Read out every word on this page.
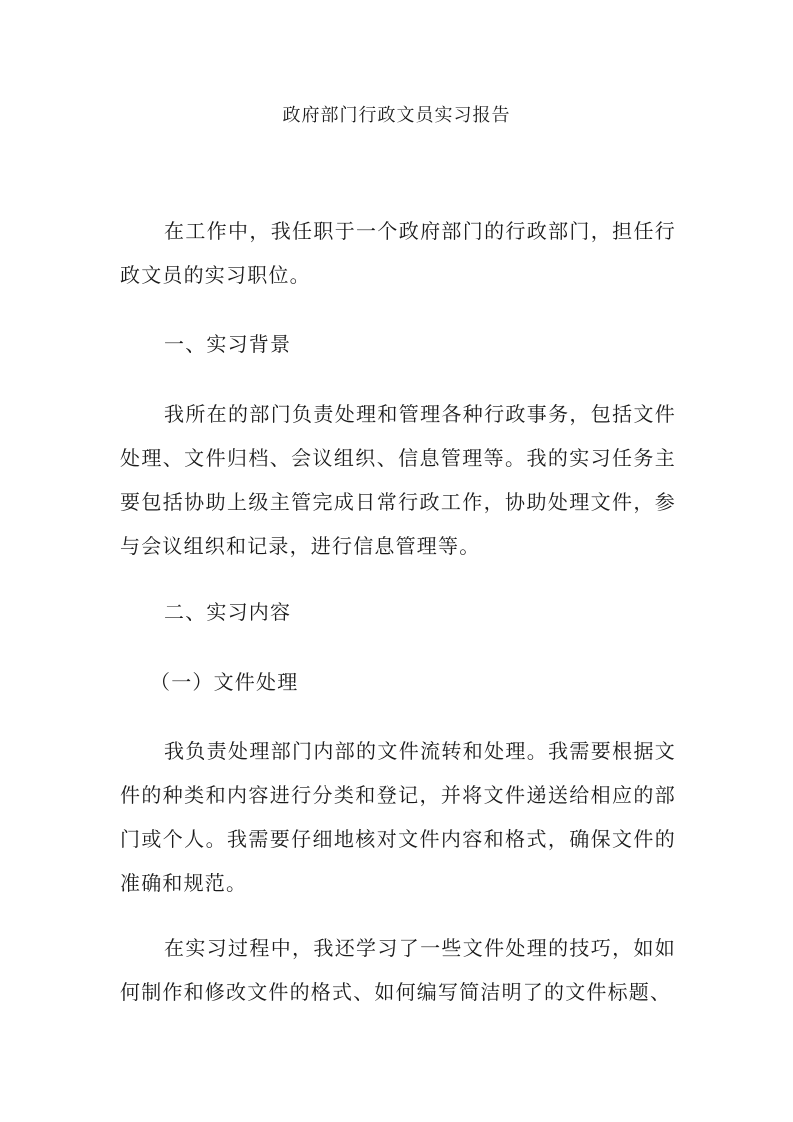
政府部门行政文员实习报告

在工作中，我任职于一个政府部门的行政部门，担任行政文员的实习职位。

一、实习背景

我所在的部门负责处理和管理各种行政事务，包括文件处理、文件归档、会议组织、信息管理等。我的实习任务主要包括协助上级主管完成日常行政工作，协助处理文件，参与会议组织和记录，进行信息管理等。

二、实习内容

（一）文件处理

我负责处理部门内部的文件流转和处理。我需要根据文件的种类和内容进行分类和登记，并将文件递送给相应的部门或个人。我需要仔细地核对文件内容和格式，确保文件的准确和规范。

在实习过程中，我还学习了一些文件处理的技巧，如如何制作和修改文件的格式、如何编写简洁明了的文件标题、
